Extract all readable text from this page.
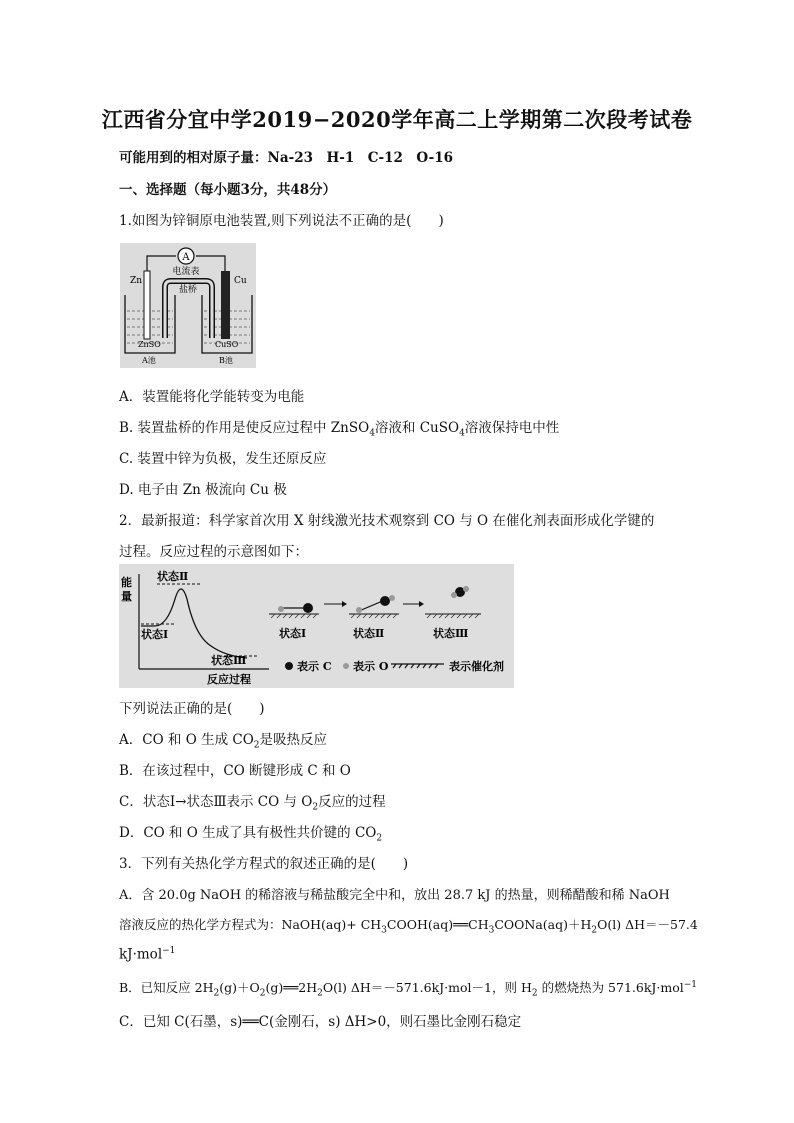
江西省分宜中学2019−2020学年高二上学期第二次段考试卷
可能用到的相对原子量：Na-23　H-1　C-12　O-16
一、选择题（每小题3分，共48分）
1.如图为锌铜原电池装置,则下列说法不正确的是(　　)
A
电流表
盐桥
Zn	Cu
ZnSO	CuSO
A池	B池
A．装置能将化学能转变为电能
B. 装置盐桥的作用是使反应过程中 ZnSO$_4$溶液和 CuSO$_4$溶液保持电中性
C. 装置中锌为负极，发生还原反应
D. 电子由 Zn 极流向 Cu 极
2．最新报道：科学家首次用 X 射线激光技术观察到 CO 与 O 在催化剂表面形成化学键的
过程。反应过程的示意图如下：
能
量
反应过程
状态Ⅱ
状态Ⅰ
状态Ⅲ
状态Ⅰ	状态Ⅱ	状态Ⅲ
表示 C 表示 O	表示催化剂
下列说法正确的是(　　)
A．CO 和 O 生成 $CO_2$是吸热反应
B．在该过程中，CO 断键形成 C 和 O
C．状态Ⅰ→状态Ⅲ表示 CO 与 $O_2$反应的过程
D．CO 和 O 生成了具有极性共价键的 $CO_2$
3．下列有关热化学方程式的叙述正确的是(　　)
A．含 20.0g NaOH 的稀溶液与稀盐酸完全中和，放出 28.7 kJ 的热量，则稀醋酸和稀 NaOH
溶液反应的热化学方程式为：NaOH(aq)+ $CH_3COOH(aq)══CH_3COONa(aq)+H_2O(l)$ ΔH＝－57.4
kJ·mol$^{-1}$
B．已知反应 $2H_2(g)+O_2(g)══2H_2O(l)$ ΔH＝－571.6kJ·mol－1，则 $H_2$ 的燃烧热为 571.6kJ·mol$^{-1}$
C．已知 C(石墨，s)══C(金刚石，s) ΔH>0，则石墨比金刚石稳定
